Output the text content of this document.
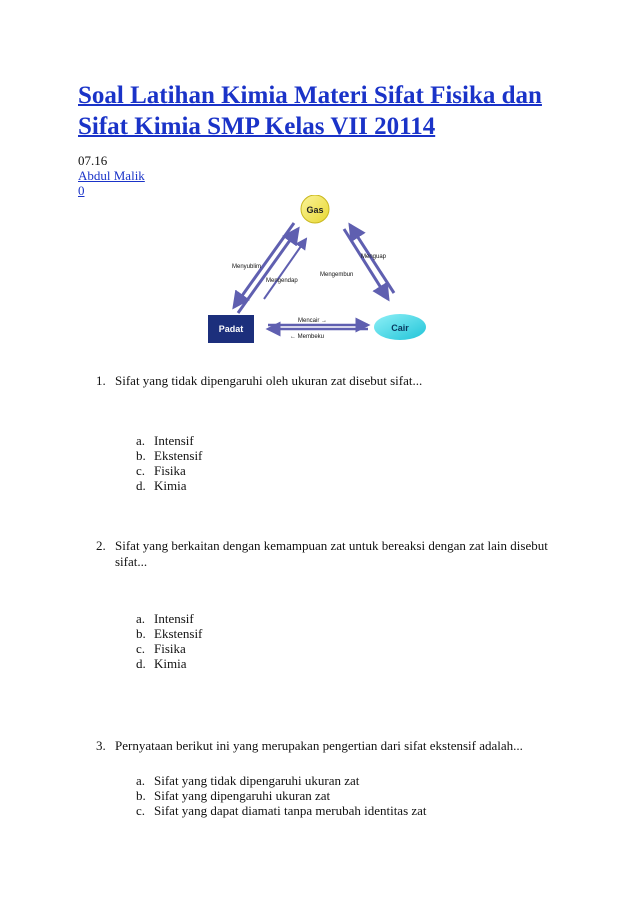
Soal Latihan Kimia Materi Sifat Fisika dan Sifat Kimia SMP Kelas VII 20114

07.16

Abdul Malik

0

Gas
Padat	Cair
Menyublim
Mengendap
Menguap
Mengembun
Mencair →
← Membeku
1. Sifat yang tidak dipengaruhi oleh ukuran zat disebut sifat...
a. Intensif
b. Ekstensif
c. Fisika
d. Kimia
2. Sifat yang berkaitan dengan kemampuan zat untuk bereaksi dengan zat lain disebut sifat...
a. Intensif
b. Ekstensif
c. Fisika
d. Kimia
3. Pernyataan berikut ini yang merupakan pengertian dari sifat ekstensif adalah...
a. Sifat yang tidak dipengaruhi ukuran zat
b. Sifat yang dipengaruhi ukuran zat
c. Sifat yang dapat diamati tanpa merubah identitas zat
